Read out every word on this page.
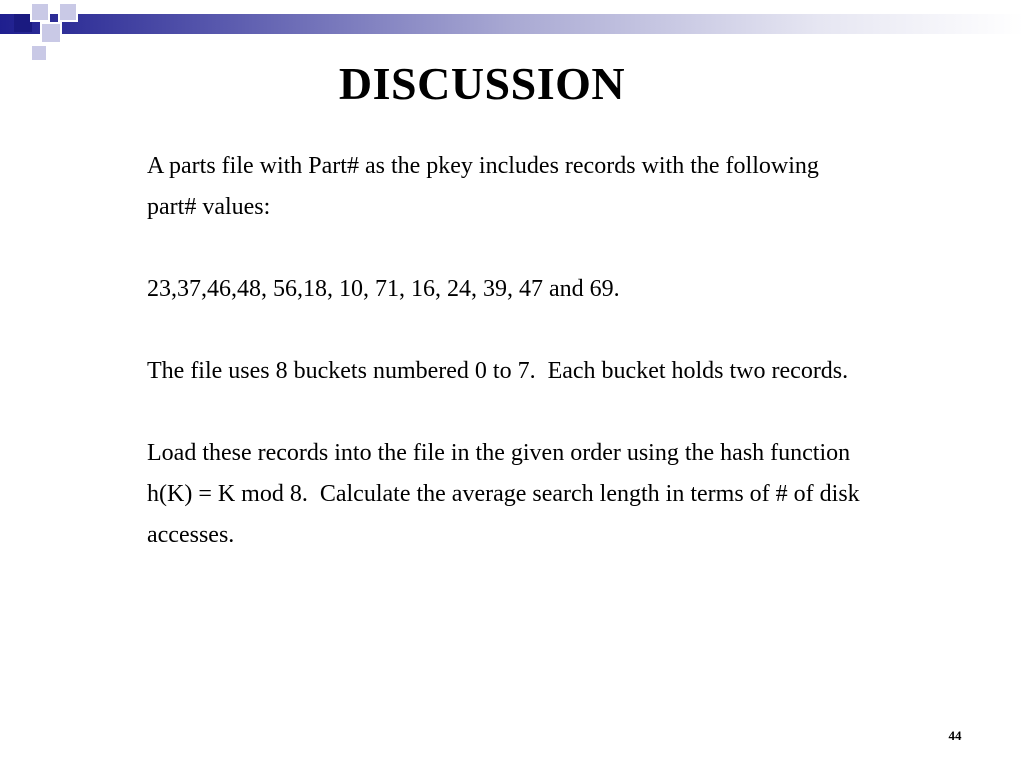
DISCUSSION

A parts file with Part# as the pkey includes records with the following part# values:

23,37,46,48, 56,18, 10, 71, 16, 24, 39, 47 and 69.

The file uses 8 buckets numbered 0 to 7.  Each bucket holds two records.

Load these records into the file in the given order using the hash function h(K) = K mod 8.  Calculate the average search length in terms of # of disk accesses.

44
